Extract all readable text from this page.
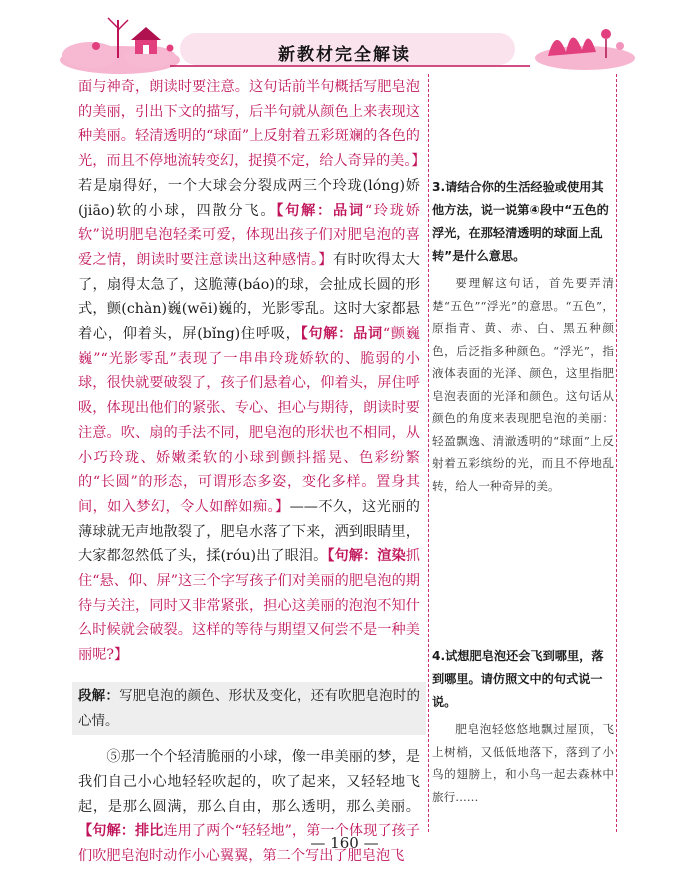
新教材完全解读

面与神奇，朗读时要注意。这句话前半句概括写肥皂泡的美丽，引出下文的描写，后半句就从颜色上来表现这种美丽。轻清透明的“球面”上反射着五彩斑斓的各色的光，而且不停地流转变幻，捉摸不定，给人奇异的美。】若是扇得好，一个大球会分裂成两三个玲珑(lóng)娇(jiāo)软的小球，四散分飞。【句解：品词“玲珑娇软”说明肥皂泡轻柔可爱，体现出孩子们对肥皂泡的喜爱之情，朗读时要注意读出这种感情。】有时吹得太大了，扇得太急了，这脆薄(báo)的球，会扯成长圆的形式，颤(chàn)巍(wēi)巍的，光影零乱。这时大家都悬着心，仰着头，屏(bǐng)住呼吸，【句解：品词“颤巍巍”“光影零乱”表现了一串串玲珑娇软的、脆弱的小球，很快就要破裂了，孩子们悬着心，仰着头，屏住呼吸，体现出他们的紧张、专心、担心与期待，朗读时要注意。吹、扇的手法不同，肥皂泡的形状也不相同，从小巧玲珑、娇嫩柔软的小球到颤抖摇晃、色彩纷繁的“长圆”的形态，可谓形态多姿，变化多样。置身其间，如入梦幻，令人如醉如痴。】——不久，这光丽的薄球就无声地散裂了，肥皂水落了下来，洒到眼睛里，大家都忽然低了头，揉(róu)出了眼泪。【句解：渲染抓住“悬、仰、屏”这三个字写孩子们对美丽的肥皂泡的期待与关注，同时又非常紧张，担心这美丽的泡泡不知什么时候就会破裂。这样的等待与期望又何尝不是一种美丽呢?】

段解：写肥皂泡的颜色、形状及变化，还有吹肥皂泡时的心情。

⑤那一个个轻清脆丽的小球，像一串美丽的梦，是我们自己小心地轻轻吹起的，吹了起来，又轻轻地飞起，是那么圆满，那么自由，那么透明，那么美丽。【句解：排比连用了两个“轻轻地”，第一个体现了孩子们吹肥皂泡时动作小心翼翼，第二个写出了肥皂泡飞

3.请结合你的生活经验或使用其他方法，说一说第④段中“五色的浮光，在那轻清透明的球面上乱转”是什么意思。

要理解这句话，首先要弄清楚“五色”“浮光”的意思。“五色”，原指青、黄、赤、白、黑五种颜色，后泛指多种颜色。“浮光”，指液体表面的光泽、颜色，这里指肥皂泡表面的光泽和颜色。这句话从颜色的角度来表现肥皂泡的美丽：轻盈飘逸、清澈透明的“球面”上反射着五彩缤纷的光，而且不停地乱转，给人一种奇异的美。

4.试想肥皂泡还会飞到哪里，落到哪里。请仿照文中的句式说一说。

肥皂泡轻悠悠地飘过屋顶，飞上树梢，又低低地落下，落到了小鸟的翅膀上，和小鸟一起去森林中旅行……

— 160 —
